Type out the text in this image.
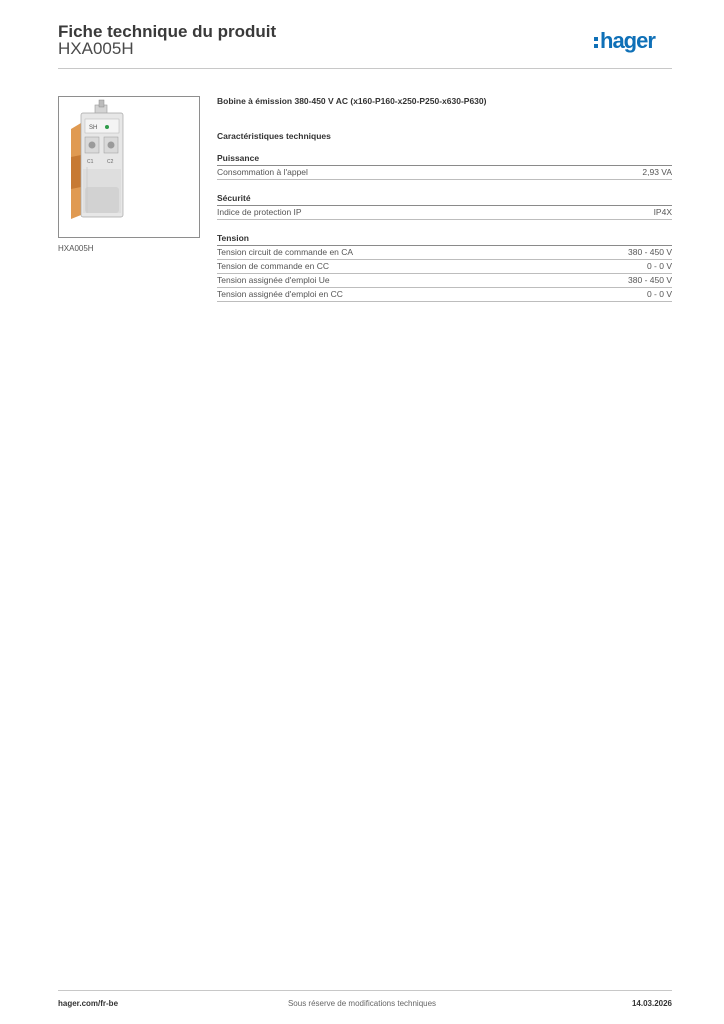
Fiche technique du produit
HXA005H	hager
SH
C1	C2
HXA005H
Bobine à émission 380-450 V AC (x160-P160-x250-P250-x630-P630)
Caractéristiques techniques
Puissance
Consommation à l'appel	2,93 VA
Sécurité
Indice de protection IP	IP4X
Tension
Tension circuit de commande en CA	380 - 450 V
Tension de commande en CC	0 - 0 V
Tension assignée d'emploi Ue	380 - 450 V
Tension assignée d'emploi en CC	0 - 0 V
hager.com/fr-be	Sous réserve de modifications techniques	14.03.2026
